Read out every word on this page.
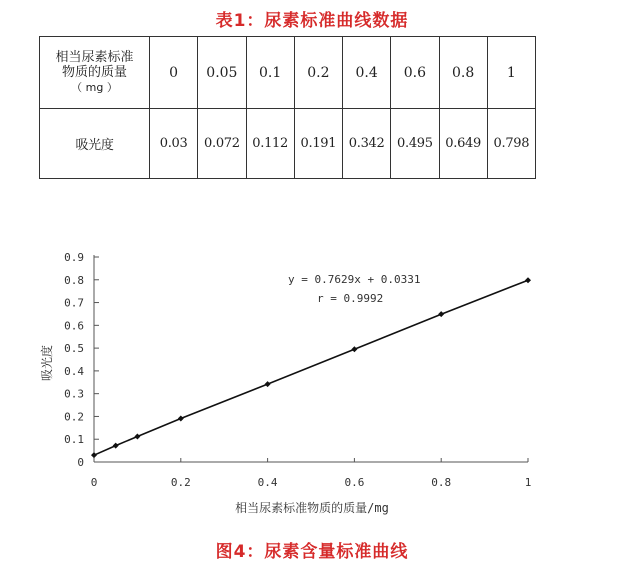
表1：尿素标准曲线数据
相当尿素标准
物质的质量
（ mg ）	0	0.05	0.1	0.2	0.4	0.6	0.8	1
吸光度	0.03	0.072	0.112	0.191	0.342	0.495	0.649	0.798
0
0.1
0.2
0.3
0.4
0.5
0.6
0.7
0.8
0.9
0	0.2	0.4	0.6	0.8	1
y = 0.7629x + 0.0331
r = 0.9992
相当尿素标准物质的质量/mg
吸光度
图4：尿素含量标准曲线
